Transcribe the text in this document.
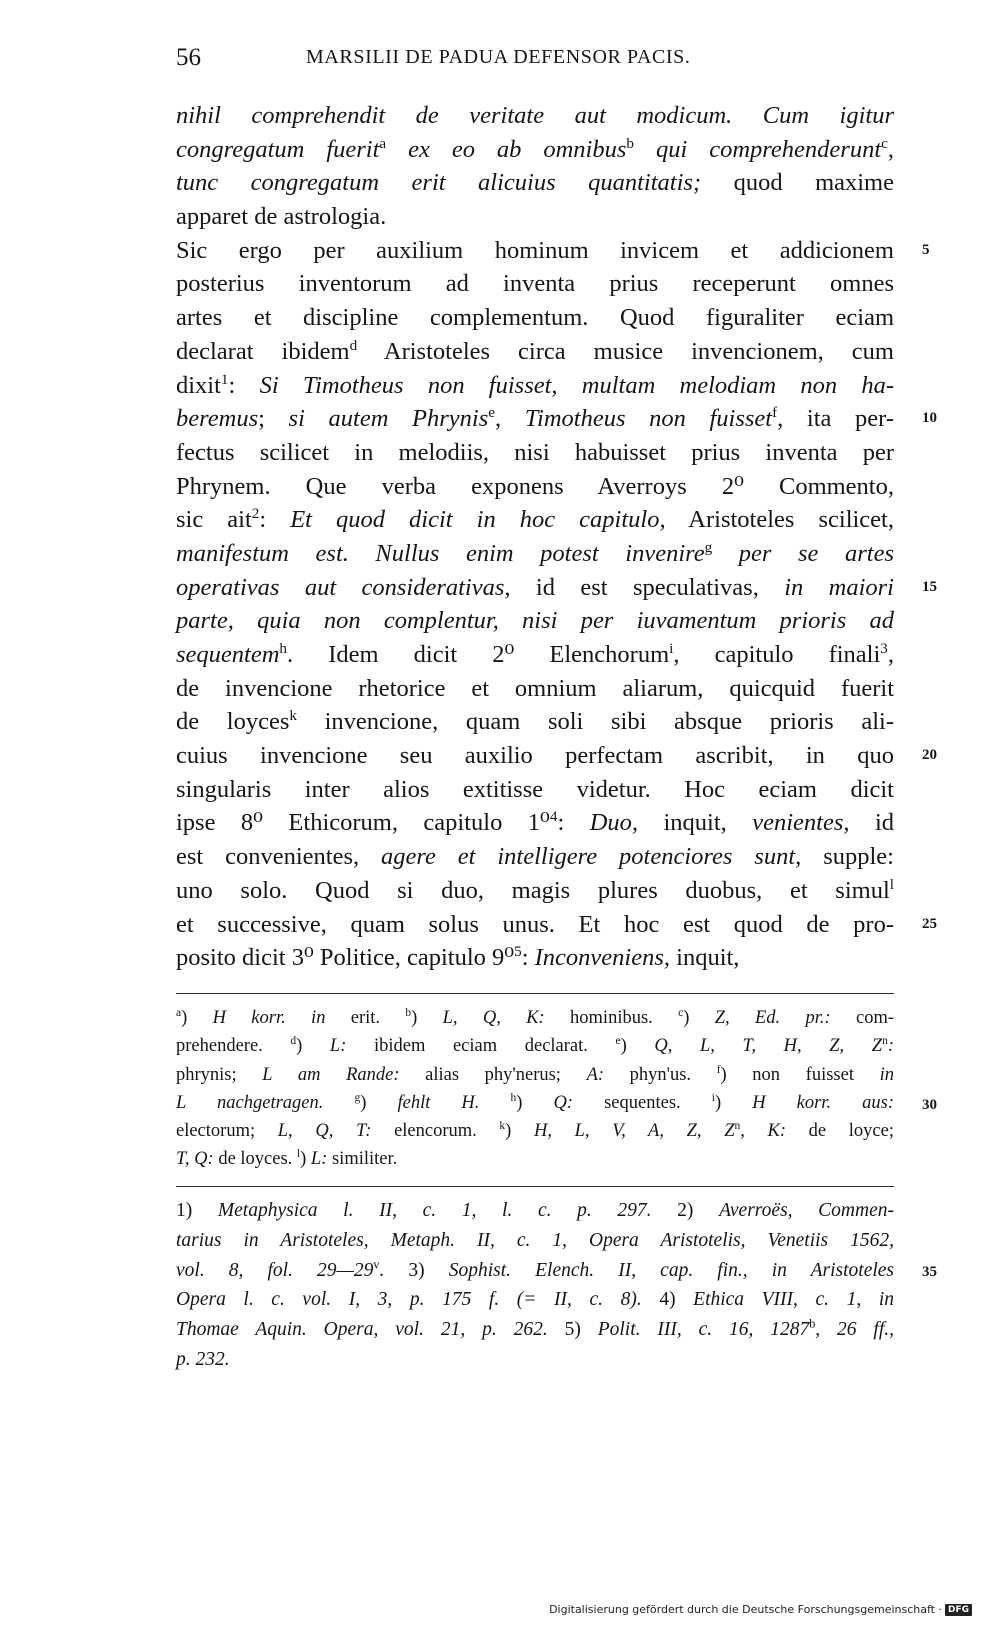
56	MARSILII DE PADUA DEFENSOR PACIS.
nihil comprehendit de veritate aut modicum. Cum igitur
congregatum fuerit$^a$ ex eo ab omnibus$^b$ qui comprehenderunt$^c$,
tunc congregatum erit alicuius quantitatis; quod maxime
apparet de astrologia.
Sic ergo per auxilium hominum invicem et addicionem
posterius inventorum ad inventa prius receperunt omnes
artes et discipline complementum. Quod figuraliter eciam
declarat ibidem$^d$ Aristoteles circa musice invencionem, cum
dixit$^1$: Si Timotheus non fuisset, multam melodiam non ha-
beremus; si autem Phrynis$^e$, Timotheus non fuisset$^f$, ita per-
fectus scilicet in melodiis, nisi habuisset prius inventa per
Phrynem. Que verba exponens Averroys 2⁰ Commento,
sic ait$^2$: Et quod dicit in hoc capitulo, Aristoteles scilicet,
manifestum est. Nullus enim potest invenire$^g$ per se artes
operativas aut considerativas, id est speculativas, in maiori
parte, quia non complentur, nisi per iuvamentum prioris ad
sequentem$^h$. Idem dicit 2⁰ Elenchorum$^i$, capitulo finali$^3$,
de invencione rhetorice et omnium aliarum, quicquid fuerit
de loyces$^k$ invencione, quam soli sibi absque prioris ali-
cuius invencione seu auxilio perfectam ascribit, in quo
singularis inter alios extitisse videtur. Hoc eciam dicit
ipse 8⁰ Ethicorum, capitulo 1⁰$^4$: Duo, inquit, venientes, id
est convenientes, agere et intelligere potenciores sunt, supple:
uno solo. Quod si duo, magis plures duobus, et simul$^l$
et successive, quam solus unus. Et hoc est quod de pro-
posito dicit 3⁰ Politice, capitulo 9⁰$^5$: Inconveniens, inquit,
$^a$) H korr. in erit. $^b$) L, Q, K: hominibus. $^c$) Z, Ed. pr.: com-
prehendere. $^d$) L: ibidem eciam declarat. $^e$) Q, L, T, H, Z, $Z^n$:
phrynis; L am Rande: alias phy'nerus; A: phyn'us. $^f$) non fuisset in
L nachgetragen.	$^g$) fehlt H.	$^h$) Q: sequentes. $^i$) H korr. aus:
electorum; L, Q, T: elencorum. $^k$) H, L, V, A, Z, $Z^n$, K: de loyce;
T, Q: de loyces. $^l$) L: similiter.
1) Metaphysica l. II, c. 1, l. c. p. 297. 2) Averroës, Commen-
tarius in Aristoteles, Metaph. II, c. 1, Opera Aristotelis, Venetiis 1562,
vol. 8, fol. 29—29$^v$. 3) Sophist. Elench. II, cap. fin., in Aristoteles
Opera l. c. vol. I, 3, p. 175 f. (= II, c. 8). 4) Ethica VIII, c. 1, in
Thomae Aquin. Opera, vol. 21, p. 262. 5) Polit. III, c. 16, 1287$^b$, 26 ff.,
p. 232.
Digitalisierung gefördert durch die Deutsche Forschungsgemeinschaft · DFG
5
10
15
20
25
30
35
